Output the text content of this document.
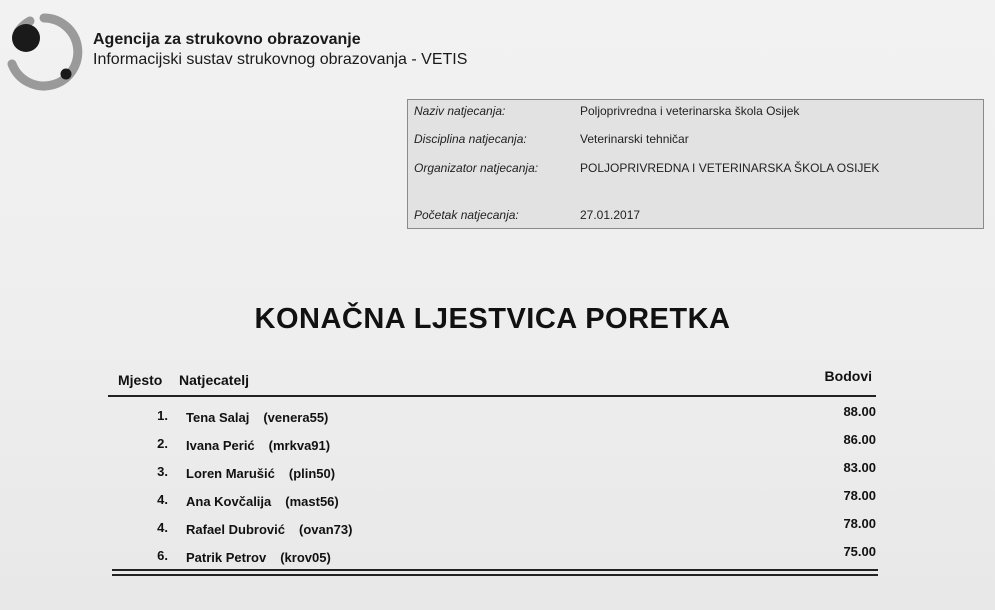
Agencija za strukovno obrazovanje
Informacijski sustav strukovnog obrazovanja - VETIS
Naziv natjecanja:	Poljoprivredna i veterinarska škola Osijek
Disciplina natjecanja:	Veterinarski tehničar
Organizator natjecanja:	POLJOPRIVREDNA I VETERINARSKA ŠKOLA OSIJEK
Početak natjecanja:	27.01.2017
KONAČNA LJESTVICA PORETKA
Mjesto Natjecatelj	Bodovi
1. Tena Salaj (venera55)	88.00
2. Ivana Perić (mrkva91)	86.00
3. Loren Marušić (plin50)	83.00
4. Ana Kovčalija (mast56)	78.00
4. Rafael Dubrović (ovan73)	78.00
6. Patrik Petrov (krov05)	75.00
